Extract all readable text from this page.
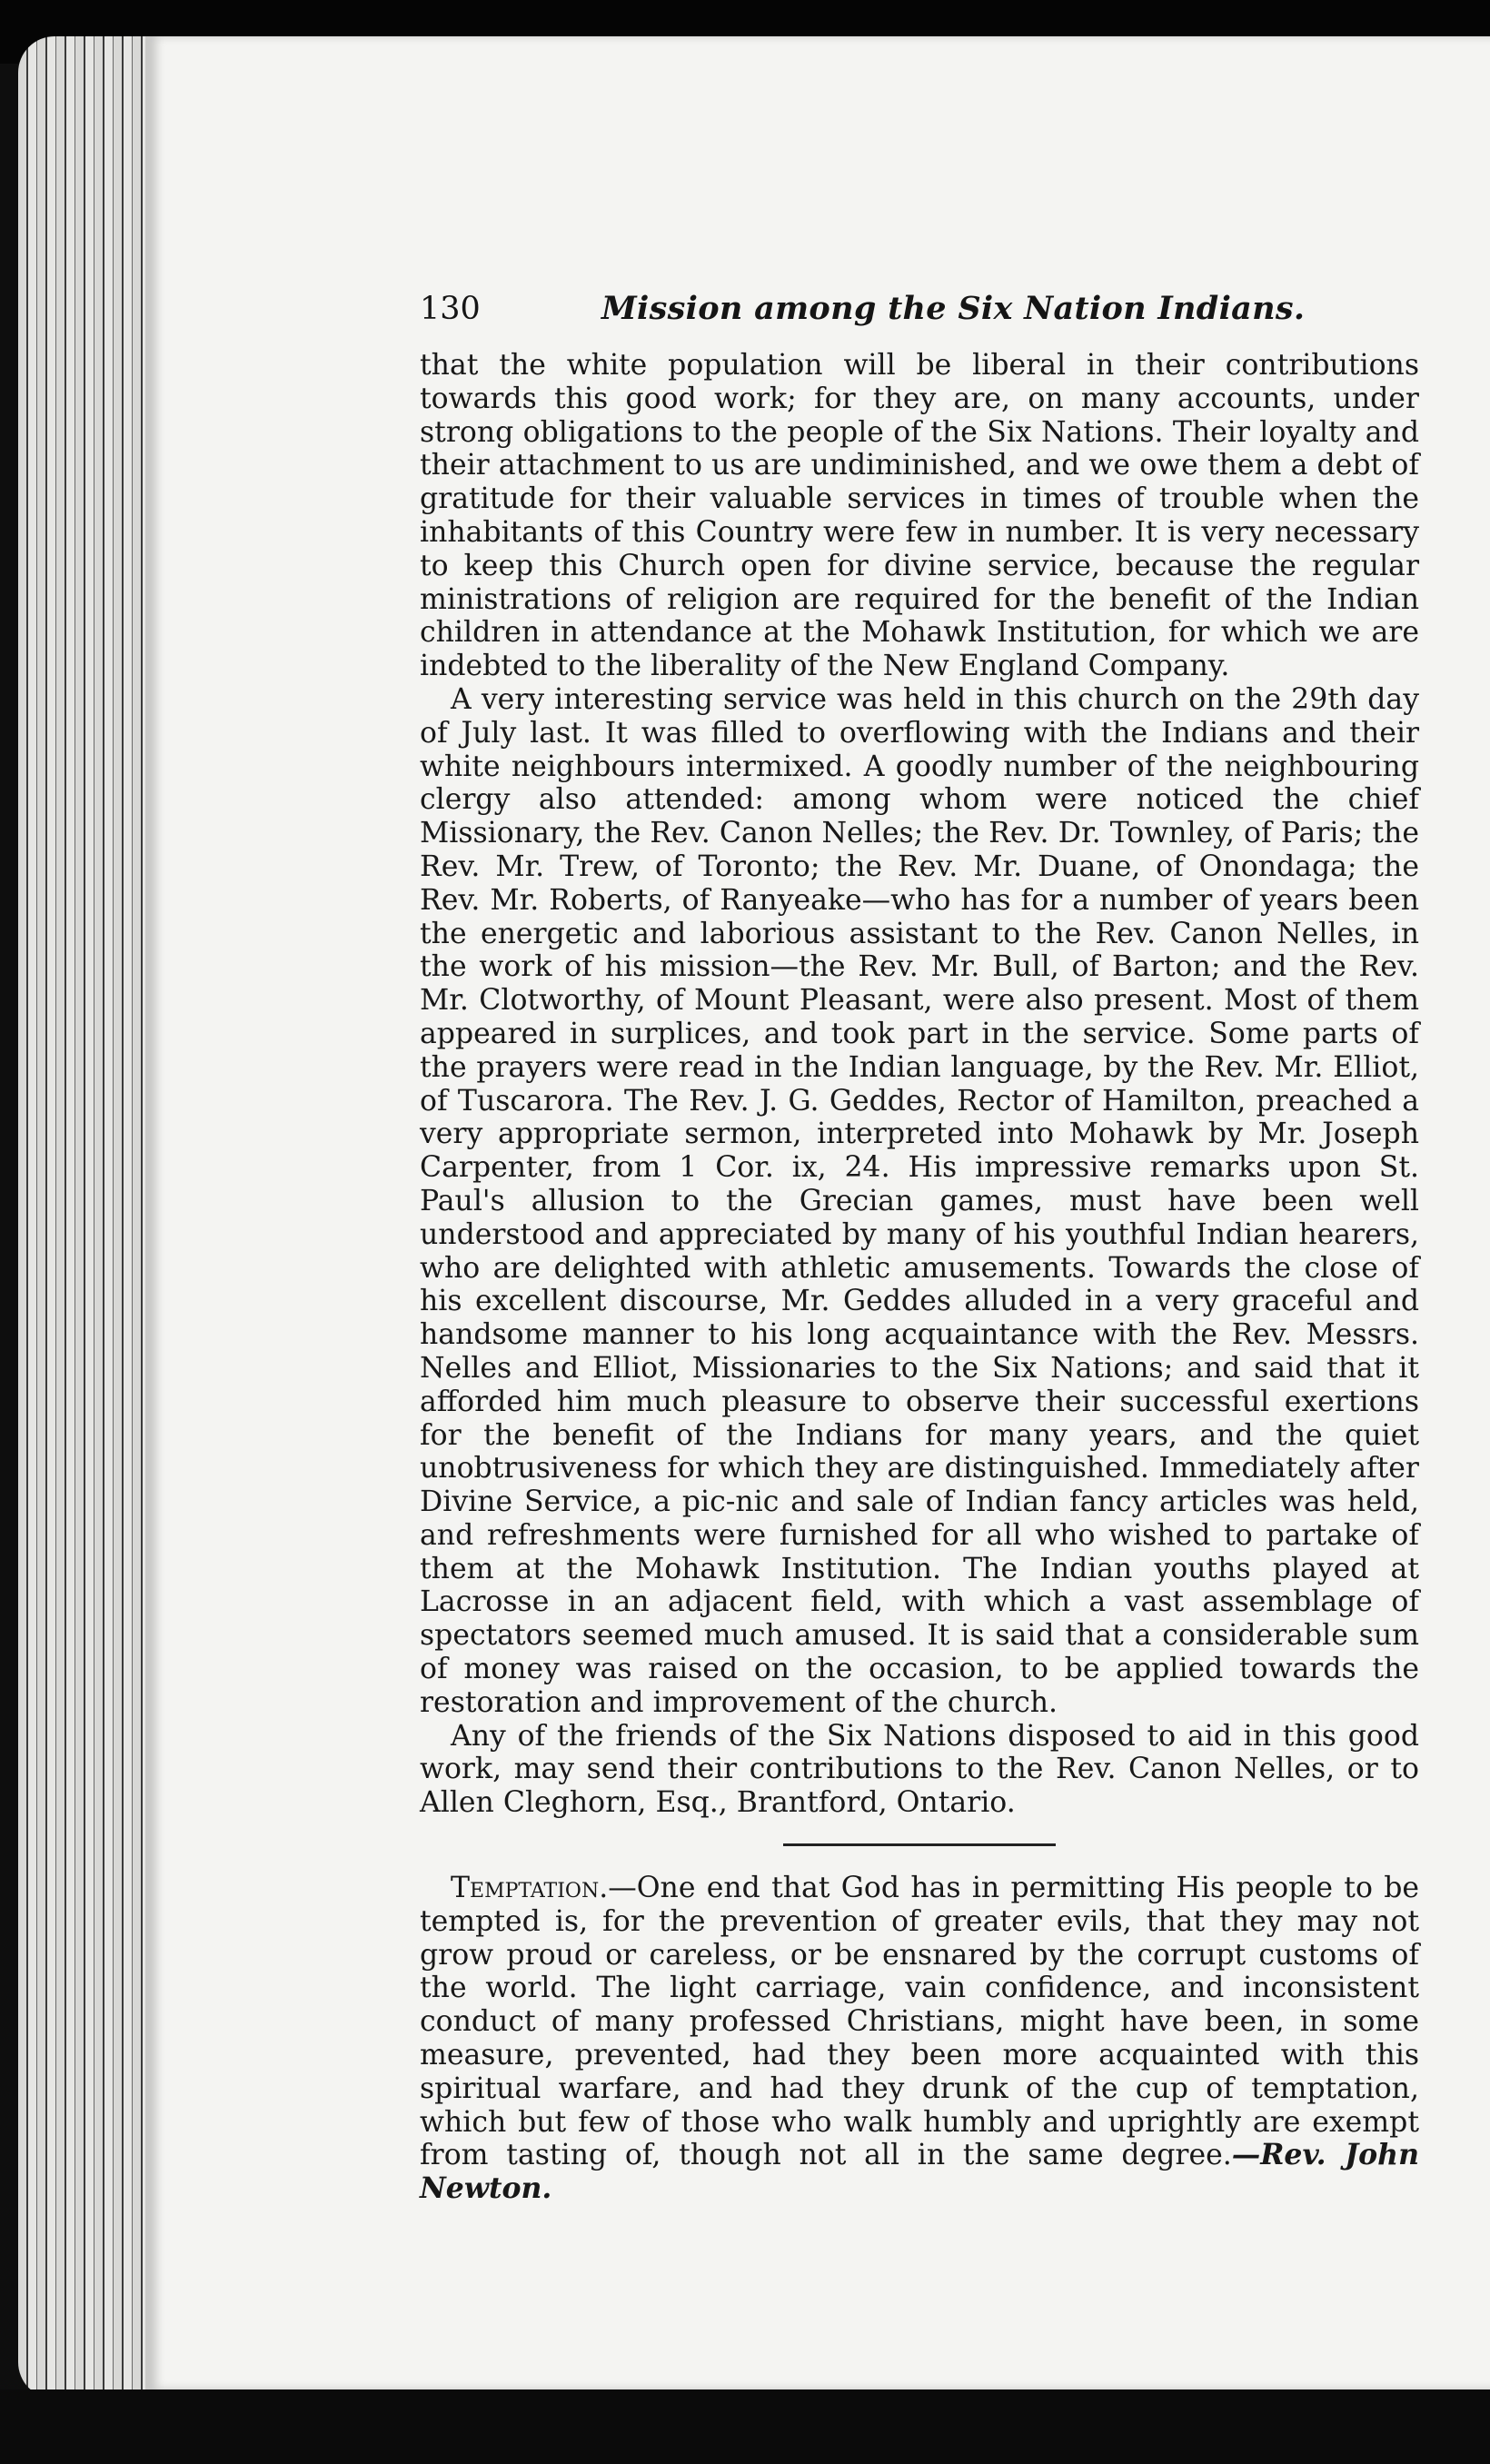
130	Mission among the Six Nation Indians.

that the white population will be liberal in their contributions towards this good work; for they are, on many accounts, under strong obligations to the people of the Six Nations. Their loyalty and their attachment to us are undiminished, and we owe them a debt of gratitude for their valuable services in times of trouble when the inhabitants of this Country were few in number. It is very necessary to keep this Church open for divine service, because the regular ministrations of religion are required for the benefit of the Indian children in attendance at the Mohawk Institution, for which we are indebted to the liberality of the New England Company.

A very interesting service was held in this church on the 29th day of July last. It was filled to overflowing with the Indians and their white neighbours intermixed. A goodly number of the neighbouring clergy also attended: among whom were noticed the chief Missionary, the Rev. Canon Nelles; the Rev. Dr. Townley, of Paris; the Rev. Mr. Trew, of Toronto; the Rev. Mr. Duane, of Onondaga; the Rev. Mr. Roberts, of Ranyeake—who has for a number of years been the energetic and laborious assistant to the Rev. Canon Nelles, in the work of his mission—the Rev. Mr. Bull, of Barton; and the Rev. Mr. Clotworthy, of Mount Pleasant, were also present. Most of them appeared in surplices, and took part in the service. Some parts of the prayers were read in the Indian language, by the Rev. Mr. Elliot, of Tuscarora. The Rev. J. G. Geddes, Rector of Hamilton, preached a very appropriate sermon, interpreted into Mohawk by Mr. Joseph Carpenter, from 1 Cor. ix, 24. His impressive remarks upon St. Paul's allusion to the Grecian games, must have been well understood and appreciated by many of his youthful Indian hearers, who are delighted with athletic amusements. Towards the close of his excellent discourse, Mr. Geddes alluded in a very graceful and handsome manner to his long acquaintance with the Rev. Messrs. Nelles and Elliot, Missionaries to the Six Nations; and said that it afforded him much pleasure to observe their successful exertions for the benefit of the Indians for many years, and the quiet unobtrusiveness for which they are distinguished. Immediately after Divine Service, a pic-nic and sale of Indian fancy articles was held, and refreshments were furnished for all who wished to partake of them at the Mohawk Institution. The Indian youths played at Lacrosse in an adjacent field, with which a vast assemblage of spectators seemed much amused. It is said that a considerable sum of money was raised on the occasion, to be applied towards the restoration and improvement of the church.

Any of the friends of the Six Nations disposed to aid in this good work, may send their contributions to the Rev. Canon Nelles, or to Allen Cleghorn, Esq., Brantford, Ontario.

Temptation.—One end that God has in permitting His people to be tempted is, for the prevention of greater evils, that they may not grow proud or careless, or be ensnared by the corrupt customs of the world. The light carriage, vain confidence, and inconsistent conduct of many professed Christians, might have been, in some measure, prevented, had they been more acquainted with this spiritual warfare, and had they drunk of the cup of temptation, which but few of those who walk humbly and uprightly are exempt from tasting of, though not all in the same degree.—Rev. John Newton.
